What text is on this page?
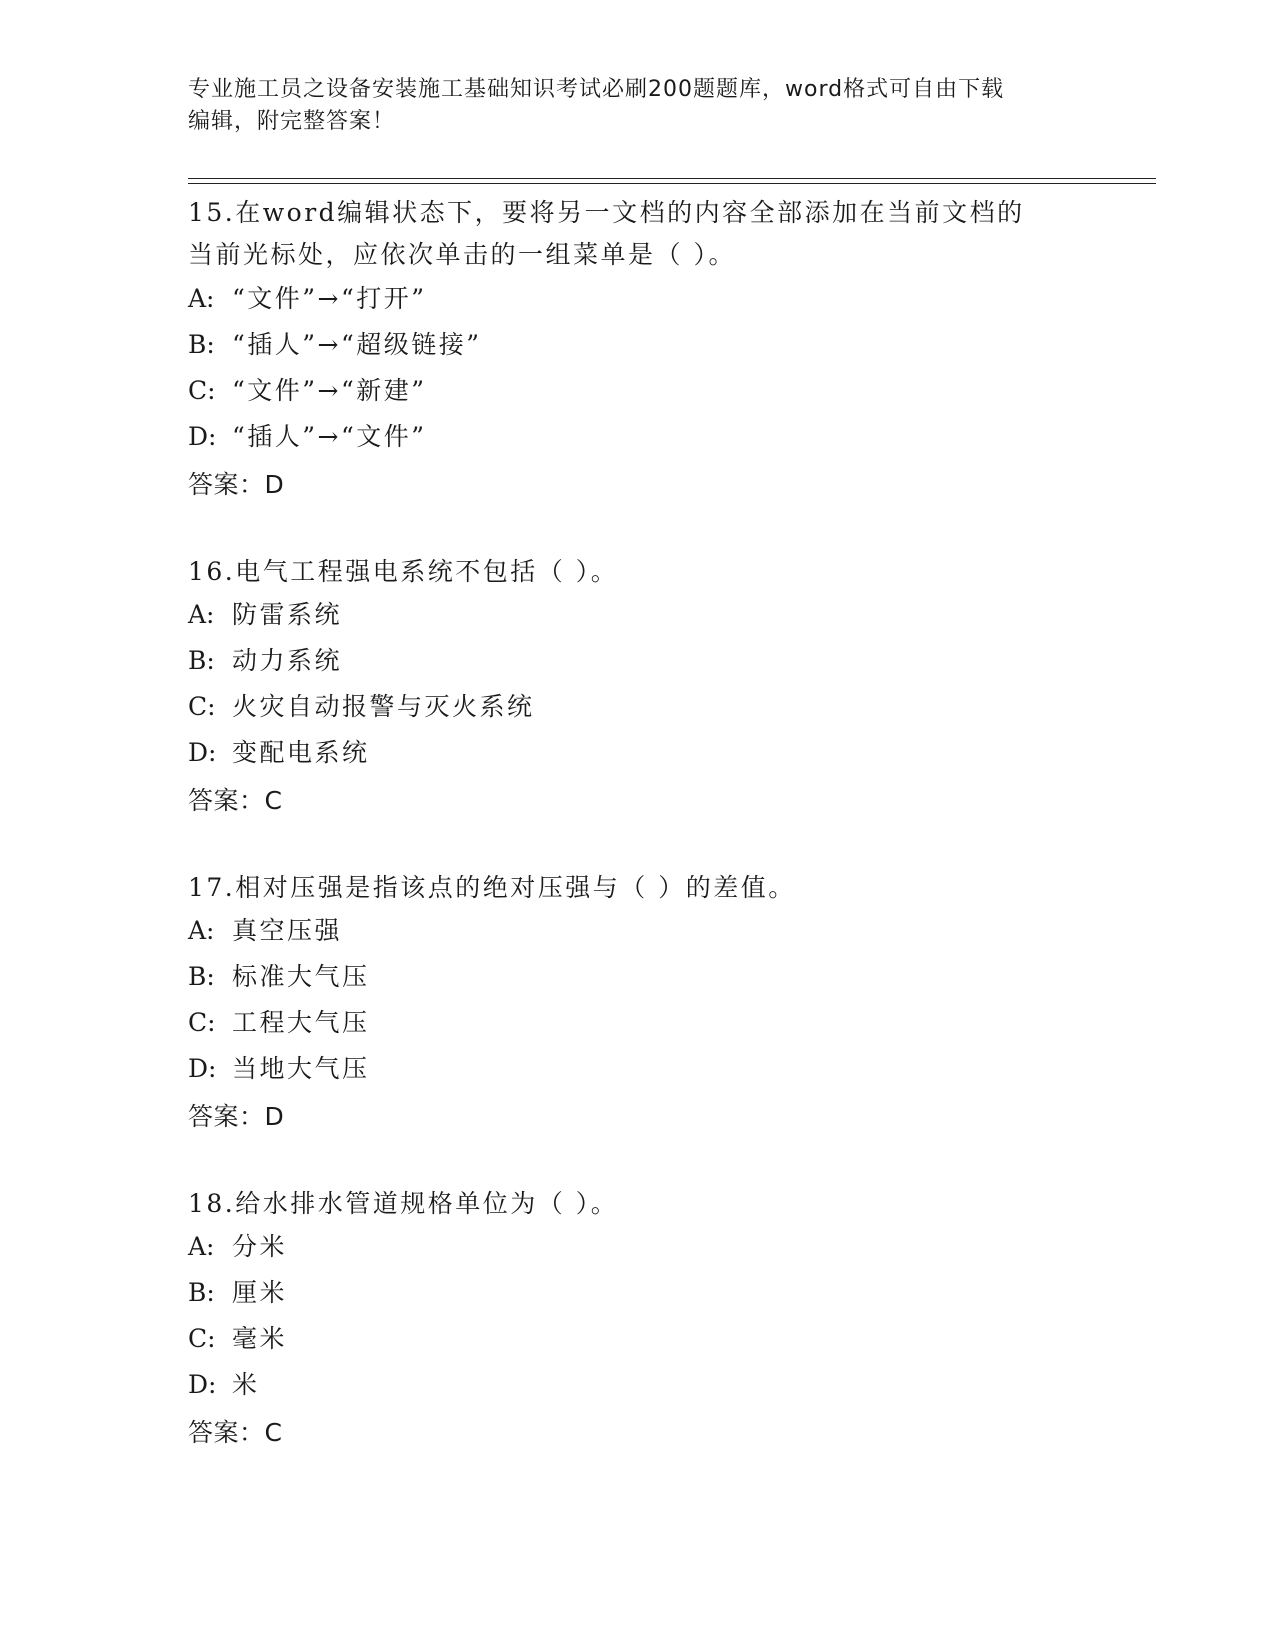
专业施工员之设备安装施工基础知识考试必刷200题题库，word格式可自由下载
编辑，附完整答案！

15.在word编辑状态下，要将另一文档的内容全部添加在当前文档的
当前光标处，应依次单击的一组菜单是（ ）。

A: “文件”→“打开”
B: “插人”→“超级链接”
C: “文件”→“新建”
D: “插人”→“文件”
答案：D

16.电气工程强电系统不包括（ ）。

A: 防雷系统
B: 动力系统
C: 火灾自动报警与灭火系统
D: 变配电系统
答案：C

17.相对压强是指该点的绝对压强与（ ）的差值。

A: 真空压强
B: 标准大气压
C: 工程大气压
D: 当地大气压
答案：D

18.给水排水管道规格单位为（ ）。

A: 分米
B: 厘米
C: 毫米
D: 米
答案：C
